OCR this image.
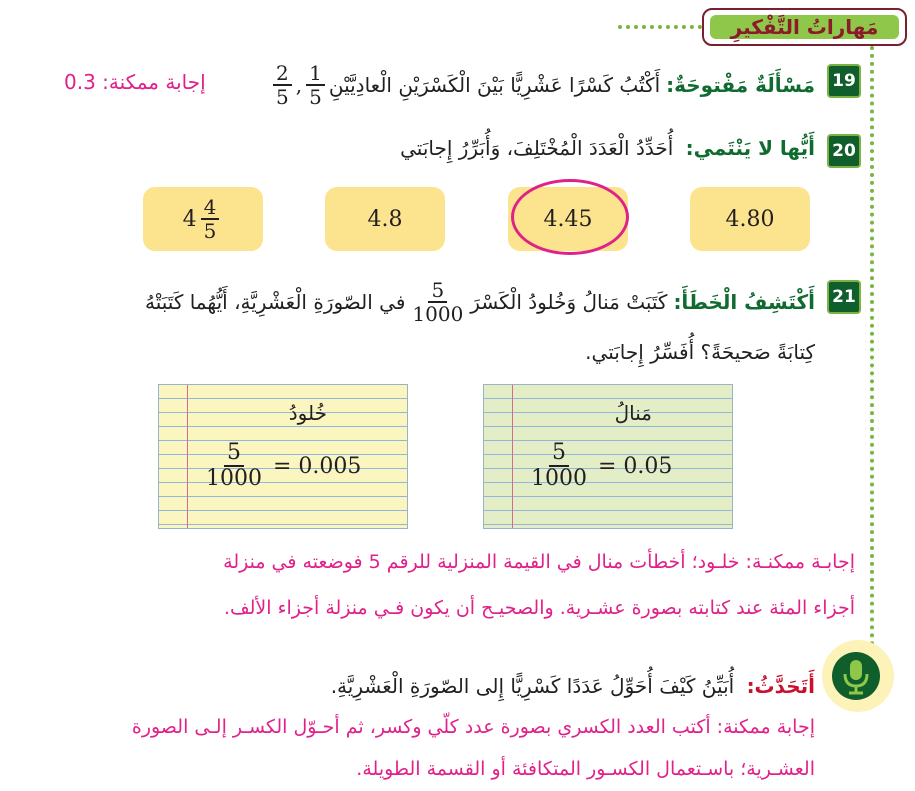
مَهاراتُ التَّفْكيرِ
19
مَسْأَلَةٌ مَفْتوحَةٌ:
أَكْتُبُ كَسْرًا عَشْرِيًّا بَيْنَ الْكَسْرَيْنِ الْعادِيَّيْنِ
$\frac{1}{5}$
,
$\frac{2}{5}$
إجابة ممكنة: 0.3
20
أَيُّها لا يَنْتَمي: أُحَدِّدُ الْعَدَدَ الْمُخْتَلِفَ، وَأُبَرِّرُ إِجابَتي
4.80
4.45
4.8
$4 \frac{4}{5}$
21
أَكْتَشِفُ الْخَطَأَ:
كَتَبَتْ مَنالُ وَخُلودُ الْكَسْرَ
$\frac{5}{1000}$
في الصّورَةِ الْعَشْرِيَّةِ، أَيُّهُما كَتَبَتْهُ
كِتابَةً صَحيحَةً؟ أُفَسِّرُ إِجابَتي.
مَنالُ
$\frac{5}{1000} = 0.05$
خُلودُ
$\frac{5}{1000} = 0.005$
إجابـة ممكنـة: خلـود؛ أخطأت منال في القيمة المنزلية للرقم 5 فوضعته في منزلة
أجزاء المئة عند كتابته بصورة عشـرية. والصحيـح أن يكون فـي منزلة أجزاء الألف.
أَتَحَدَّثُ: أُبَيِّنُ كَيْفَ أُحَوِّلُ عَدَدًا كَسْرِيًّا إِلى الصّورَةِ الْعَشْرِيَّةِ.
إجابة ممكنة: أكتب العدد الكسري بصورة عدد كلّي وكسر، ثم أحـوّل الكسـر إلـى الصورة
العشـرية؛ باسـتعمال الكسـور المتكافئة أو القسمة الطويلة.
